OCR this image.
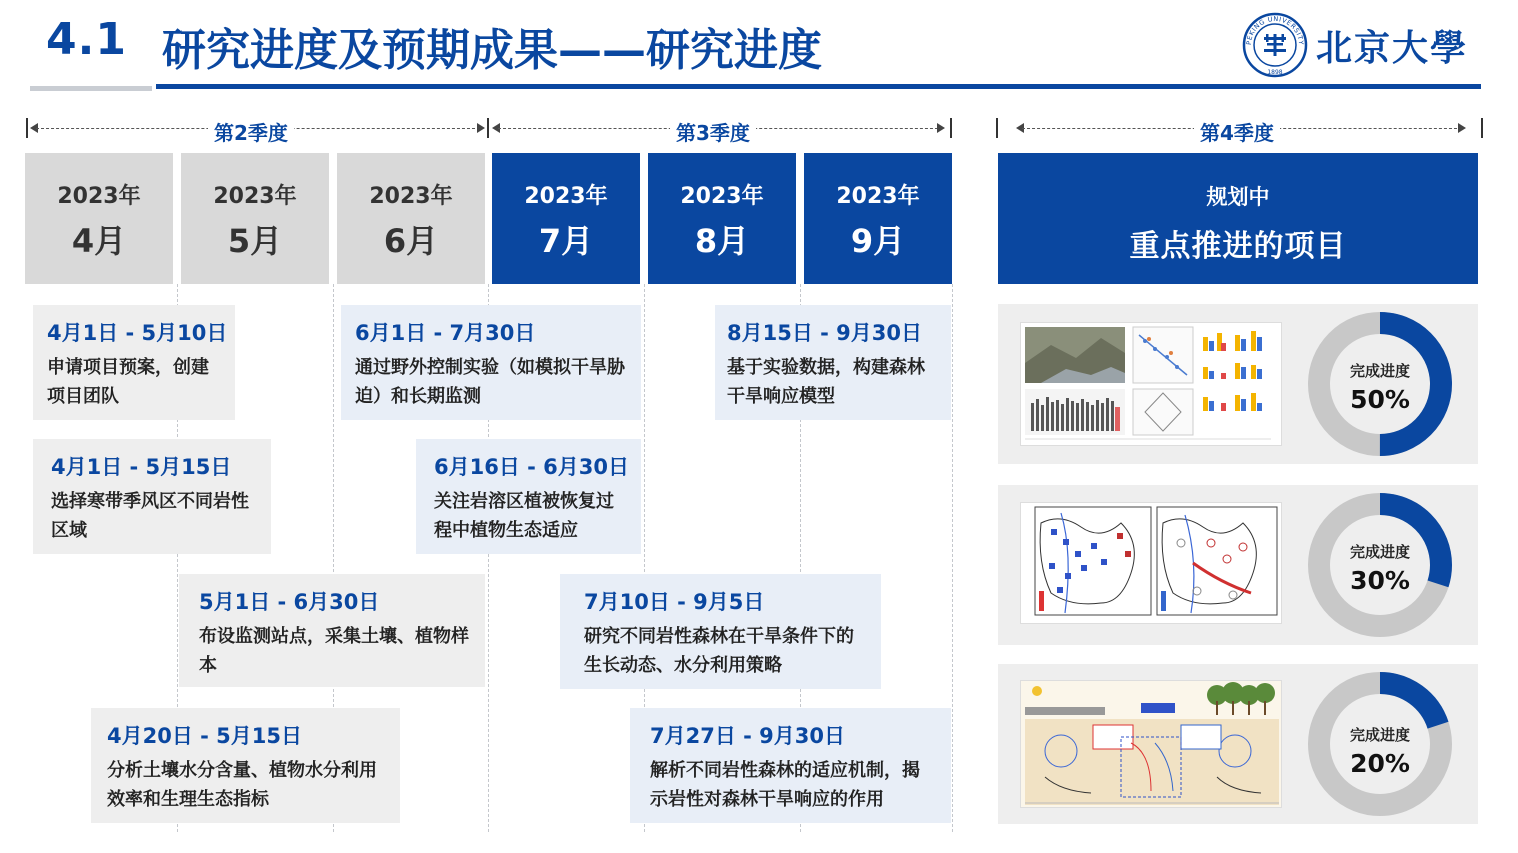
4.1 研究进度及预期成果——研究进度	PEKING UNIVERSITY
1898
北京大學
第2季度	第3季度	第4季度
2023年
4月
2023年
5月
2023年
6月
2023年
7月
2023年
8月
2023年
9月
规划中
重点推进的项目
4月1日 - 5月10日
申请项目预案，创建项目团队
4月1日 - 5月15日
选择寒带季风区不同岩性区域
5月1日 - 6月30日
布设监测站点，采集土壤、植物样本
4月20日 - 5月15日
分析土壤水分含量、植物水分利用效率和生理生态指标
6月1日 - 7月30日
通过野外控制实验（如模拟干旱胁迫）和长期监测
6月16日 - 6月30日
关注岩溶区植被恢复过程中植物生态适应
8月15日 - 9月30日
基于实验数据，构建森林干旱响应模型
7月10日 - 9月5日
研究不同岩性森林在干旱条件下的生长动态、水分利用策略
7月27日 - 9月30日
解析不同岩性森林的适应机制，揭示岩性对森林干旱响应的作用
完成进度
50%
完成进度
30%
完成进度
20%
